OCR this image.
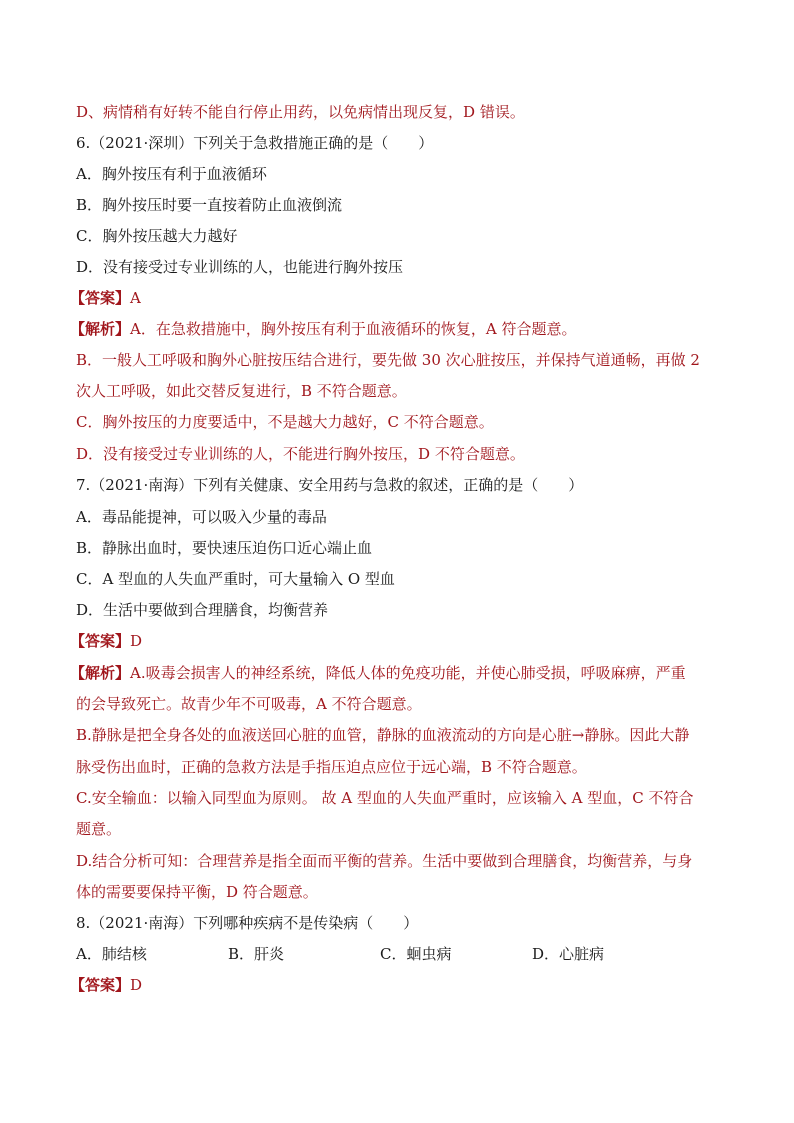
D、病情稍有好转不能自行停止用药，以免病情出现反复，D 错误。
6.（2021·深圳）下列关于急救措施正确的是（　　）
A．胸外按压有利于血液循环
B．胸外按压时要一直按着防止血液倒流
C．胸外按压越大力越好
D．没有接受过专业训练的人，也能进行胸外按压
【答案】A
【解析】A．在急救措施中，胸外按压有利于血液循环的恢复，A 符合题意。
B．一般人工呼吸和胸外心脏按压结合进行，要先做 30 次心脏按压，并保持气道通畅，再做 2
次人工呼吸，如此交替反复进行，B 不符合题意。
C．胸外按压的力度要适中，不是越大力越好，C 不符合题意。
D．没有接受过专业训练的人，不能进行胸外按压，D 不符合题意。
7.（2021·南海）下列有关健康、安全用药与急救的叙述，正确的是（　　）
A．毒品能提神，可以吸入少量的毒品
B．静脉出血时，要快速压迫伤口近心端止血
C．A 型血的人失血严重时，可大量输入 O 型血
D．生活中要做到合理膳食，均衡营养
【答案】D
【解析】A.吸毒会损害人的神经系统，降低人体的免疫功能，并使心肺受损，呼吸麻痹，严重
的会导致死亡。故青少年不可吸毒，A 不符合题意。
B.静脉是把全身各处的血液送回心脏的血管，静脉的血液流动的方向是心脏→静脉。因此大静
脉受伤出血时，正确的急救方法是手指压迫点应位于远心端，B 不符合题意。
C.安全输血：以输入同型血为原则。 故 A 型血的人失血严重时，应该输入 A 型血，C 不符合
题意。
D.结合分析可知：合理营养是指全面而平衡的营养。生活中要做到合理膳食，均衡营养，与身
体的需要要保持平衡，D 符合题意。
8.（2021·南海）下列哪种疾病不是传染病（　　）
A．肺结核	B．肝炎	C．蛔虫病	D．心脏病
【答案】D
